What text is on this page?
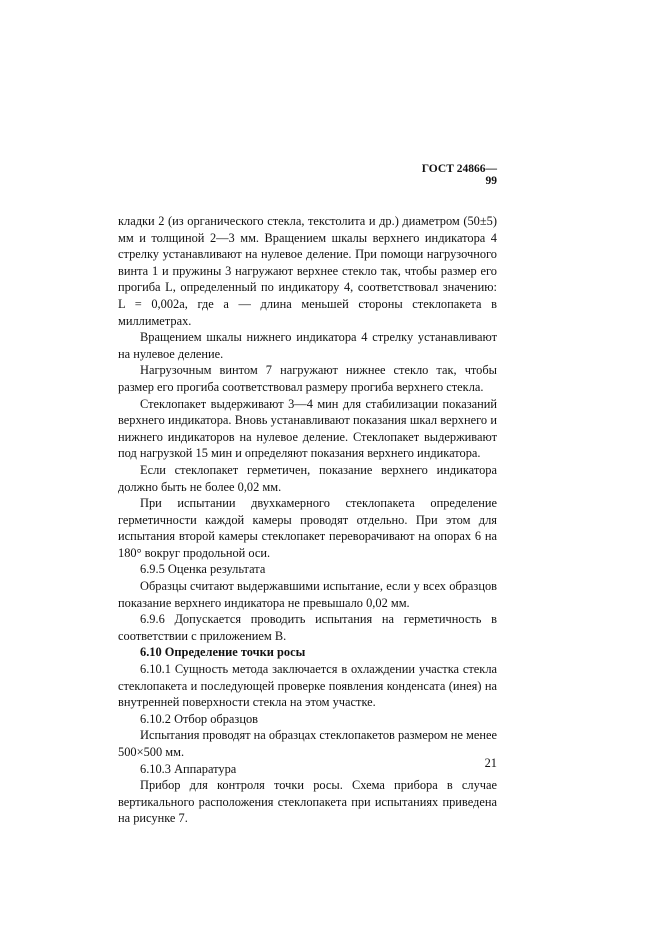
ГОСТ 24866—99

кладки 2 (из органического стекла, текстолита и др.) диаметром (50±5) мм и толщиной 2—3 мм. Вращением шкалы верхнего индикатора 4 стрелку устанавливают на нулевое деление. При помощи нагрузочного винта 1 и пружины 3 нагружают верхнее стекло так, чтобы размер его прогиба L, определенный по индикатору 4, соответствовал значению: L = 0,002a, где a — длина меньшей стороны стеклопакета в миллиметрах.

Вращением шкалы нижнего индикатора 4 стрелку устанавливают на нулевое деление.

Нагрузочным винтом 7 нагружают нижнее стекло так, чтобы размер его прогиба соответствовал размеру прогиба верхнего стекла.

Стеклопакет выдерживают 3—4 мин для стабилизации показаний верхнего индикатора. Вновь устанавливают показания шкал верхнего и нижнего индикаторов на нулевое деление. Стеклопакет выдерживают под нагрузкой 15 мин и определяют показания верхнего индикатора.

Если стеклопакет герметичен, показание верхнего индикатора должно быть не более 0,02 мм.

При испытании двухкамерного стеклопакета определение герметичности каждой камеры проводят отдельно. При этом для испытания второй камеры стеклопакет переворачивают на опорах 6 на 180° вокруг продольной оси.

6.9.5 Оценка результата

Образцы считают выдержавшими испытание, если у всех образцов показание верхнего индикатора не превышало 0,02 мм.

6.9.6 Допускается проводить испытания на герметичность в соответствии с приложением В.

6.10 Определение точки росы

6.10.1 Сущность метода заключается в охлаждении участка стекла стеклопакета и последующей проверке появления конденсата (инея) на внутренней поверхности стекла на этом участке.

6.10.2 Отбор образцов

Испытания проводят на образцах стеклопакетов размером не менее 500×500 мм.

6.10.3 Аппаратура

Прибор для контроля точки росы. Схема прибора в случае вертикального расположения стеклопакета при испытаниях приведена на рисунке 7.

21
